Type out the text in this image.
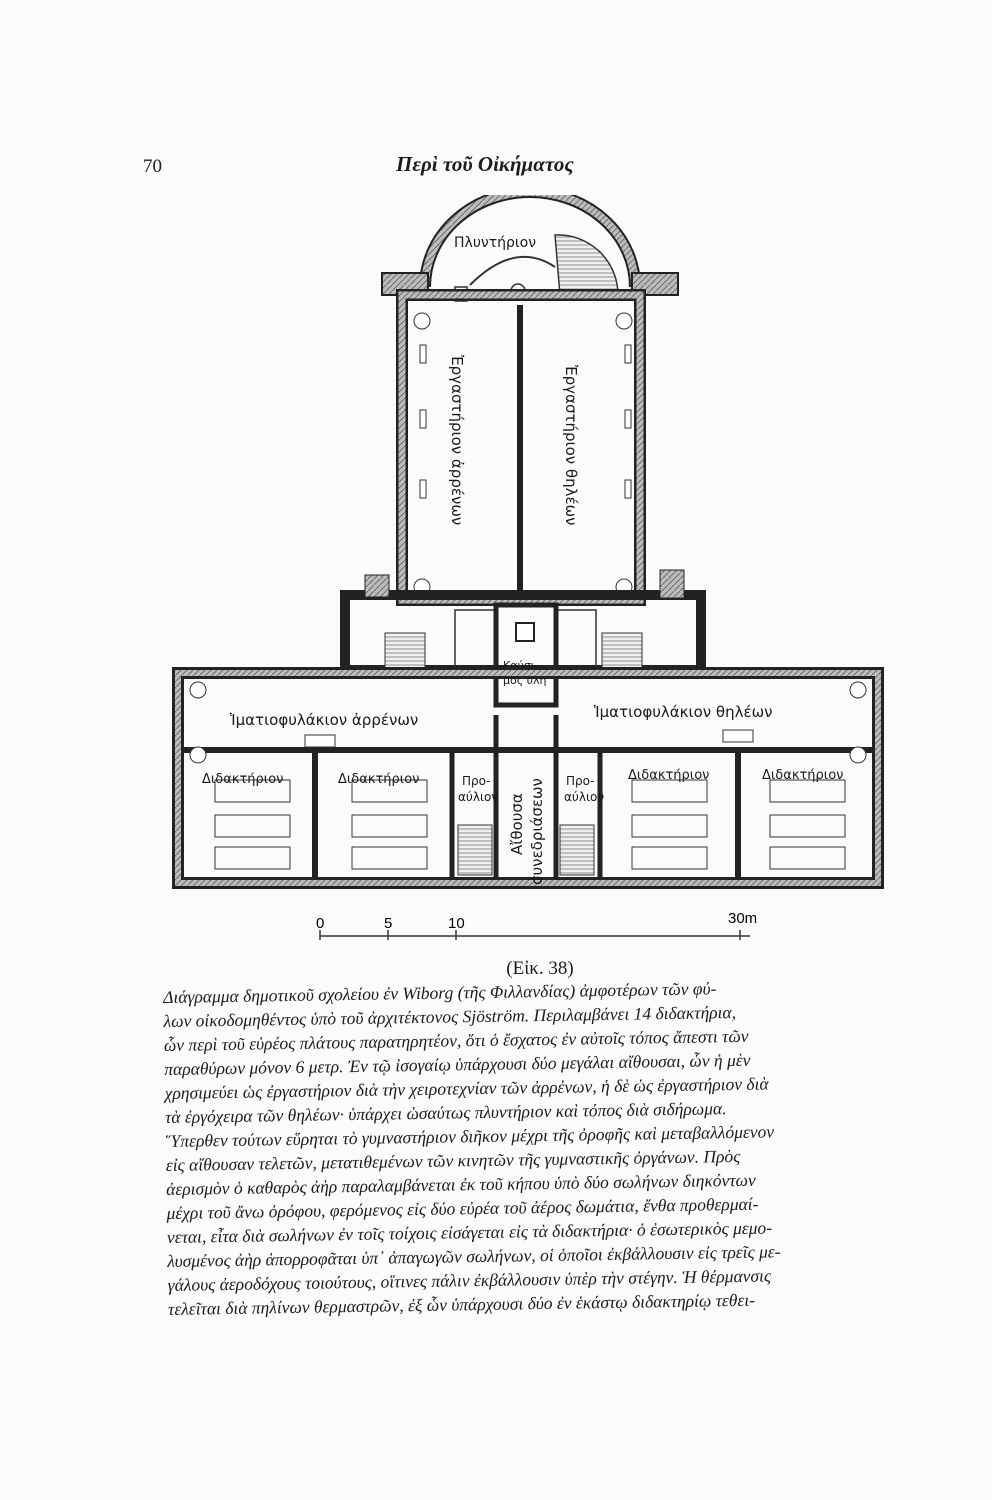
70	Περὶ τοῦ Οἰκήματος
Πλυντήριον
Ἐργαστήριον ἀρρένων	Ἐργαστήριον θηλέων
Καύσι-
μος ὕλη
Ἱματιοφυλάκιον ἀρρένων	Ἱματιοφυλάκιον θηλέων
Διδακτήριον	Διδακτήριον	Διδακτήριον	Διδακτήριον
Προ-
αύλιον
Προ-
αύλιον
Αἴθουσα συνεδριάσεων
0	5	10	30m
(Εἰκ. 38)
Διάγραμμα δημοτικοῦ σχολείου ἐν Wiborg (τῆς Φιλλανδίας) ἀμφοτέρων τῶν φύ-
λων οἰκοδομηθέντος ὑπὸ τοῦ ἀρχιτέκτονος Sjöström. Περιλαμβάνει 14 διδακτήρια,
ὧν περὶ τοῦ εὐρέος πλάτους παρατηρητέον, ὅτι ὁ ἔσχατος ἐν αὐτοῖς τόπος ἄπεστι τῶν
παραθύρων μόνον 6 μετρ. Ἐν τῷ ἰσογαίῳ ὑπάρχουσι δύο μεγάλαι αἴθουσαι, ὧν ἡ μὲν
χρησιμεύει ὡς ἐργαστήριον διὰ τὴν χειροτεχνίαν τῶν ἀρρένων, ἡ δὲ ὡς ἐργαστήριον διὰ
τὰ ἐργόχειρα τῶν θηλέων· ὑπάρχει ὡσαύτως πλυντήριον καὶ τόπος διὰ σιδήρωμα.
Ὕπερθεν τούτων εὕρηται τὸ γυμναστήριον διῆκον μέχρι τῆς ὀροφῆς καὶ μεταβαλλόμενον
εἰς αἴθουσαν τελετῶν, μετατιθεμένων τῶν κινητῶν τῆς γυμναστικῆς ὀργάνων. Πρὸς
ἀερισμὸν ὁ καθαρὸς ἀὴρ παραλαμβάνεται ἐκ τοῦ κήπου ὑπὸ δύο σωλήνων διηκόντων
μέχρι τοῦ ἄνω ὀρόφου, φερόμενος εἰς δύο εὐρέα τοῦ ἀέρος δωμάτια, ἔνθα προθερμαί-
νεται, εἶτα διὰ σωλήνων ἐν τοῖς τοίχοις εἰσάγεται εἰς τὰ διδακτήρια· ὁ ἐσωτερικὸς μεμο-
λυσμένος ἀὴρ ἀπορροφᾶται ὑπ᾽ ἀπαγωγῶν σωλήνων, οἱ ὁποῖοι ἐκβάλλουσιν εἰς τρεῖς με-
γάλους ἀεροδόχους τοιούτους, οἵτινες πάλιν ἐκβάλλουσιν ὑπὲρ τὴν στέγην. Ἡ θέρμανσις
τελεῖται διὰ πηλίνων θερμαστρῶν, ἐξ ὧν ὑπάρχουσι δύο ἐν ἑκάστῳ διδακτηρίῳ τεθει-
